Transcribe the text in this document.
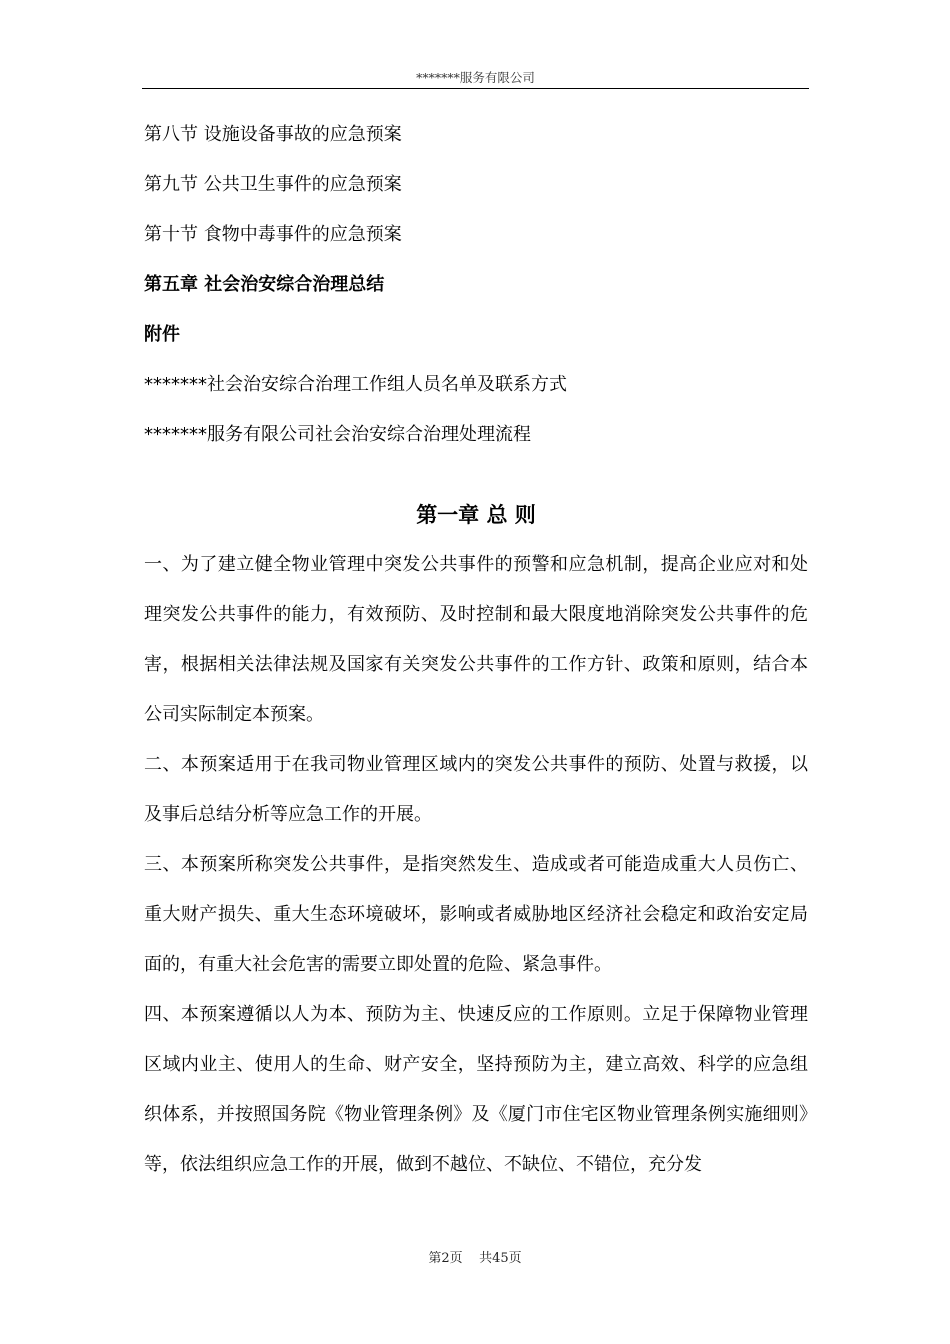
*******服务有限公司
第八节 设施设备事故的应急预案
第九节 公共卫生事件的应急预案
第十节 食物中毒事件的应急预案
第五章 社会治安综合治理总结
附件
*******社会治安综合治理工作组人员名单及联系方式
*******服务有限公司社会治安综合治理处理流程
第一章 总 则
一、为了建立健全物业管理中突发公共事件的预警和应急机制，提高企业应对和处理突发公共事件的能力，有效预防、及时控制和最大限度地消除突发公共事件的危害，根据相关法律法规及国家有关突发公共事件的工作方针、政策和原则，结合本公司实际制定本预案。
二、本预案适用于在我司物业管理区域内的突发公共事件的预防、处置与救援，以及事后总结分析等应急工作的开展。
三、本预案所称突发公共事件，是指突然发生、造成或者可能造成重大人员伤亡、重大财产损失、重大生态环境破坏，影响或者威胁地区经济社会稳定和政治安定局面的，有重大社会危害的需要立即处置的危险、紧急事件。
四、本预案遵循以人为本、预防为主、快速反应的工作原则。立足于保障物业管理区域内业主、使用人的生命、财产安全，坚持预防为主，建立高效、科学的应急组织体系，并按照国务院《物业管理条例》及《厦门市住宅区物业管理条例实施细则》等，依法组织应急工作的开展，做到不越位、不缺位、不错位，充分发
第2页 共45页
